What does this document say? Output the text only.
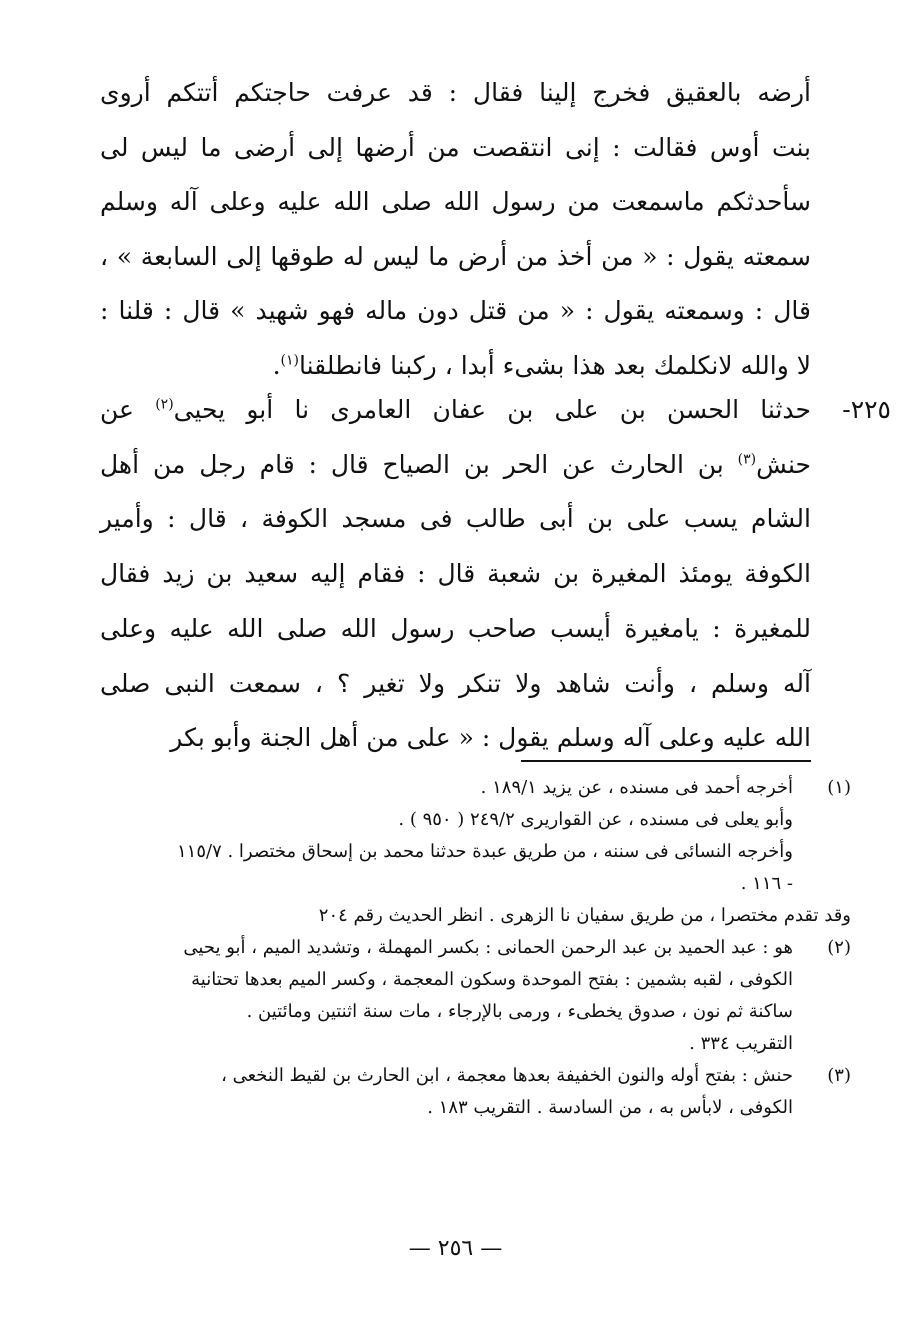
أرضه بالعقيق فخرج إلينا فقال : قد عرفت حاجتكم أتتكم أروى
بنت أوس فقالت : إنى انتقصت من أرضها إلى أرضى ما ليس لى
سأحدثكم ماسمعت من رسول الله صلى الله عليه وعلى آله وسلم
سمعته يقول : « من أخذ من أرض ما ليس له طوقها إلى السابعة » ،
قال : وسمعته يقول : « من قتل دون ماله فهو شهيد » قال : قلنا :
لا والله لانكلمك بعد هذا بشىء أبدا ، ركبنا فانطلقنا$^{(١)}$.
٢٢٥-
حدثنا الحسن بن على بن عفان العامرى نا أبو يحيى$^{(٢)}$ عن
حنش$^{(٣)}$ بن الحارث عن الحر بن الصياح قال : قام رجل من أهل
الشام يسب على بن أبى طالب فى مسجد الكوفة ، قال : وأمير
الكوفة يومئذ المغيرة بن شعبة قال : فقام إليه سعيد بن زيد فقال
للمغيرة : يامغيرة أيسب صاحب رسول الله صلى الله عليه وعلى
آله وسلم ، وأنت شاهد ولا تنكر ولا تغير ؟ ، سمعت النبى صلى
الله عليه وعلى آله وسلم يقول : « على من أهل الجنة وأبو بكر
(١)
أخرجه أحمد فى مسنده ، عن يزيد ١٨٩/١ .
وأبو يعلى فى مسنده ، عن القواريرى ٢٤٩/٢ ( ٩٥٠ ) .
وأخرجه النسائى فى سننه ، من طريق عبدة حدثنا محمد بن إسحاق مختصرا . ١١٥/٧
- ١١٦ .
وقد تقدم مختصرا ، من طريق سفيان نا الزهرى . انظر الحديث رقم ٢٠٤
(٢)
هو : عبد الحميد بن عبد الرحمن الحمانى : بكسر المهملة ، وتشديد الميم ، أبو يحيى
الكوفى ، لقبه بشمين : بفتح الموحدة وسكون المعجمة ، وكسر الميم بعدها تحتانية
ساكنة ثم نون ، صدوق يخطىء ، ورمى بالإرجاء ، مات سنة اثنتين ومائتين .
التقريب ٣٣٤ .
(٣)
حنش : بفتح أوله والنون الخفيفة بعدها معجمة ، ابن الحارث بن لقيط النخعى ،
الكوفى ، لابأس به ، من السادسة . التقريب ١٨٣ .
— ٢٥٦ —
